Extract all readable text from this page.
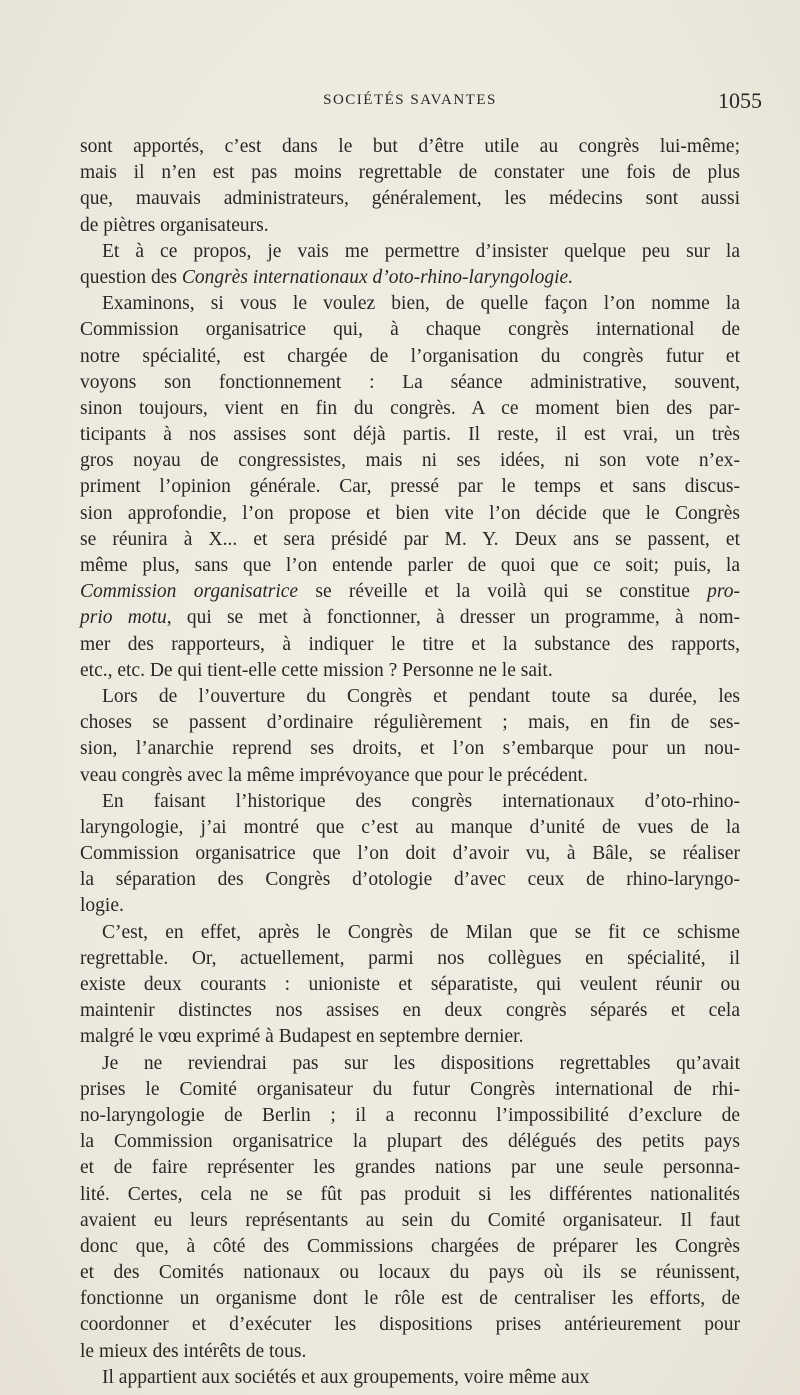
SOCIÉTÉS SAVANTES	1055
sont apportés, c’est dans le but d’être utile au congrès lui-même;
mais il n’en est pas moins regrettable de constater une fois de plus
que, mauvais administrateurs, généralement, les médecins sont aussi
de piètres organisateurs.
Et à ce propos, je vais me permettre d’insister quelque peu sur la
question des Congrès internationaux d’oto-rhino-laryngologie.
Examinons, si vous le voulez bien, de quelle façon l’on nomme la
Commission organisatrice qui, à chaque congrès international de
notre spécialité, est chargée de l’organisation du congrès futur et
voyons son fonctionnement : La séance administrative, souvent,
sinon toujours, vient en fin du congrès. A ce moment bien des par-
ticipants à nos assises sont déjà partis. Il reste, il est vrai, un très
gros noyau de congressistes, mais ni ses idées, ni son vote n’ex-
priment l’opinion générale. Car, pressé par le temps et sans discus-
sion approfondie, l’on propose et bien vite l’on décide que le Congrès
se réunira à X... et sera présidé par M. Y. Deux ans se passent, et
même plus, sans que l’on entende parler de quoi que ce soit; puis, la
Commission organisatrice se réveille et la voilà qui se constitue pro-
prio motu, qui se met à fonctionner, à dresser un programme, à nom-
mer des rapporteurs, à indiquer le titre et la substance des rapports,
etc., etc. De qui tient-elle cette mission ? Personne ne le sait.
Lors de l’ouverture du Congrès et pendant toute sa durée, les
choses se passent d’ordinaire régulièrement ; mais, en fin de ses-
sion, l’anarchie reprend ses droits, et l’on s’embarque pour un nou-
veau congrès avec la même imprévoyance que pour le précédent.
En faisant l’historique des congrès internationaux d’oto-rhino-
laryngologie, j’ai montré que c’est au manque d’unité de vues de la
Commission organisatrice que l’on doit d’avoir vu, à Bâle, se réaliser
la séparation des Congrès d’otologie d’avec ceux de rhino-laryngo-
logie.
C’est, en effet, après le Congrès de Milan que se fit ce schisme
regrettable. Or, actuellement, parmi nos collègues en spécialité, il
existe deux courants : unioniste et séparatiste, qui veulent réunir ou
maintenir distinctes nos assises en deux congrès séparés et cela
malgré le vœu exprimé à Budapest en septembre dernier.
Je ne reviendrai pas sur les dispositions regrettables qu’avait
prises le Comité organisateur du futur Congrès international de rhi-
no-laryngologie de Berlin ; il a reconnu l’impossibilité d’exclure de
la Commission organisatrice la plupart des délégués des petits pays
et de faire représenter les grandes nations par une seule personna-
lité. Certes, cela ne se fût pas produit si les différentes nationalités
avaient eu leurs représentants au sein du Comité organisateur. Il faut
donc que, à côté des Commissions chargées de préparer les Congrès
et des Comités nationaux ou locaux du pays où ils se réunissent,
fonctionne un organisme dont le rôle est de centraliser les efforts, de
coordonner et d’exécuter les dispositions prises antérieurement pour
le mieux des intérêts de tous.
Il appartient aux sociétés et aux groupements, voire même aux
